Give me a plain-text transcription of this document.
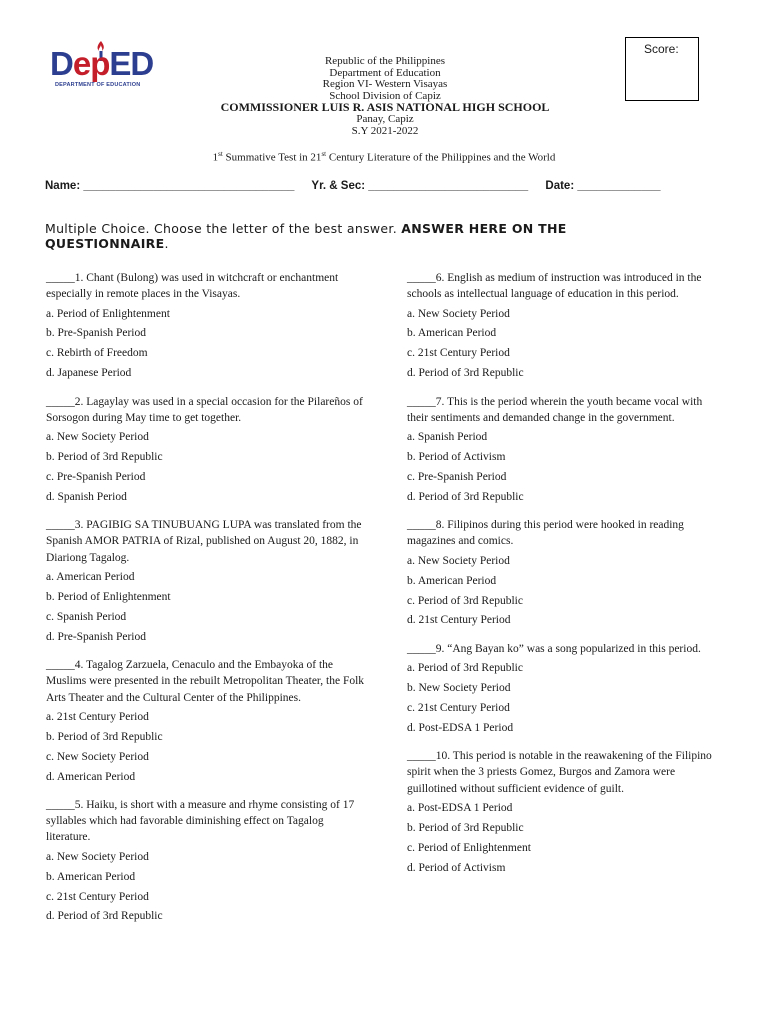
DepED
DEPARTMENT OF EDUCATION
Score:
Republic of the Philippines
Department of Education
Region VI- Western Visayas
School Division of Capiz
COMMISSIONER LUIS R. ASIS NATIONAL HIGH SCHOOL
Panay, Capiz
S.Y 2021-2022
1st Summative Test in 21st Century Literature of the Philippines and the World
Name: _________________________________ Yr. & Sec: _________________________ Date: _____________
Multiple Choice. Choose the letter of the best answer. ANSWER HERE ON THE QUESTIONNAIRE.
_____1. Chant (Bulong) was used in witchcraft or enchantment especially in remote places in the Visayas.
a. Period of Enlightenment
b. Pre-Spanish Period
c. Rebirth of Freedom
d. Japanese Period
_____2. Lagaylay was used in a special occasion for the Pilareños of Sorsogon during May time to get together.
a. New Society Period
b. Period of 3rd Republic
c. Pre-Spanish Period
d. Spanish Period
_____3. PAGIBIG SA TINUBUANG LUPA was translated from the Spanish AMOR PATRIA of Rizal, published on August 20, 1882, in Diariong Tagalog.
a. American Period
b. Period of Enlightenment
c. Spanish Period
d. Pre-Spanish Period
_____4. Tagalog Zarzuela, Cenaculo and the Embayoka of the Muslims were presented in the rebuilt Metropolitan Theater, the Folk Arts Theater and the Cultural Center of the Philippines.
a. 21st Century Period
b. Period of 3rd Republic
c. New Society Period
d. American Period
_____5. Haiku, is short with a measure and rhyme consisting of 17 syllables which had favorable diminishing effect on Tagalog literature.
a. New Society Period
b. American Period
c. 21st Century Period
d. Period of 3rd Republic
_____6. English as medium of instruction was introduced in the schools as intellectual language of education in this period.
a. New Society Period
b. American Period
c. 21st Century Period
d. Period of 3rd Republic
_____7. This is the period wherein the youth became vocal with their sentiments and demanded change in the government.
a. Spanish Period
b. Period of Activism
c. Pre-Spanish Period
d. Period of 3rd Republic
_____8. Filipinos during this period were hooked in reading magazines and comics.
a. New Society Period
b. American Period
c. Period of 3rd Republic
d. 21st Century Period
_____9. “Ang Bayan ko” was a song popularized in this period.
a. Period of 3rd Republic
b. New Society Period
c. 21st Century Period
d. Post-EDSA 1 Period
_____10. This period is notable in the reawakening of the Filipino spirit when the 3 priests Gomez, Burgos and Zamora were guillotined without sufficient evidence of guilt.
a. Post-EDSA 1 Period
b. Period of 3rd Republic
c. Period of Enlightenment
d. Period of Activism
